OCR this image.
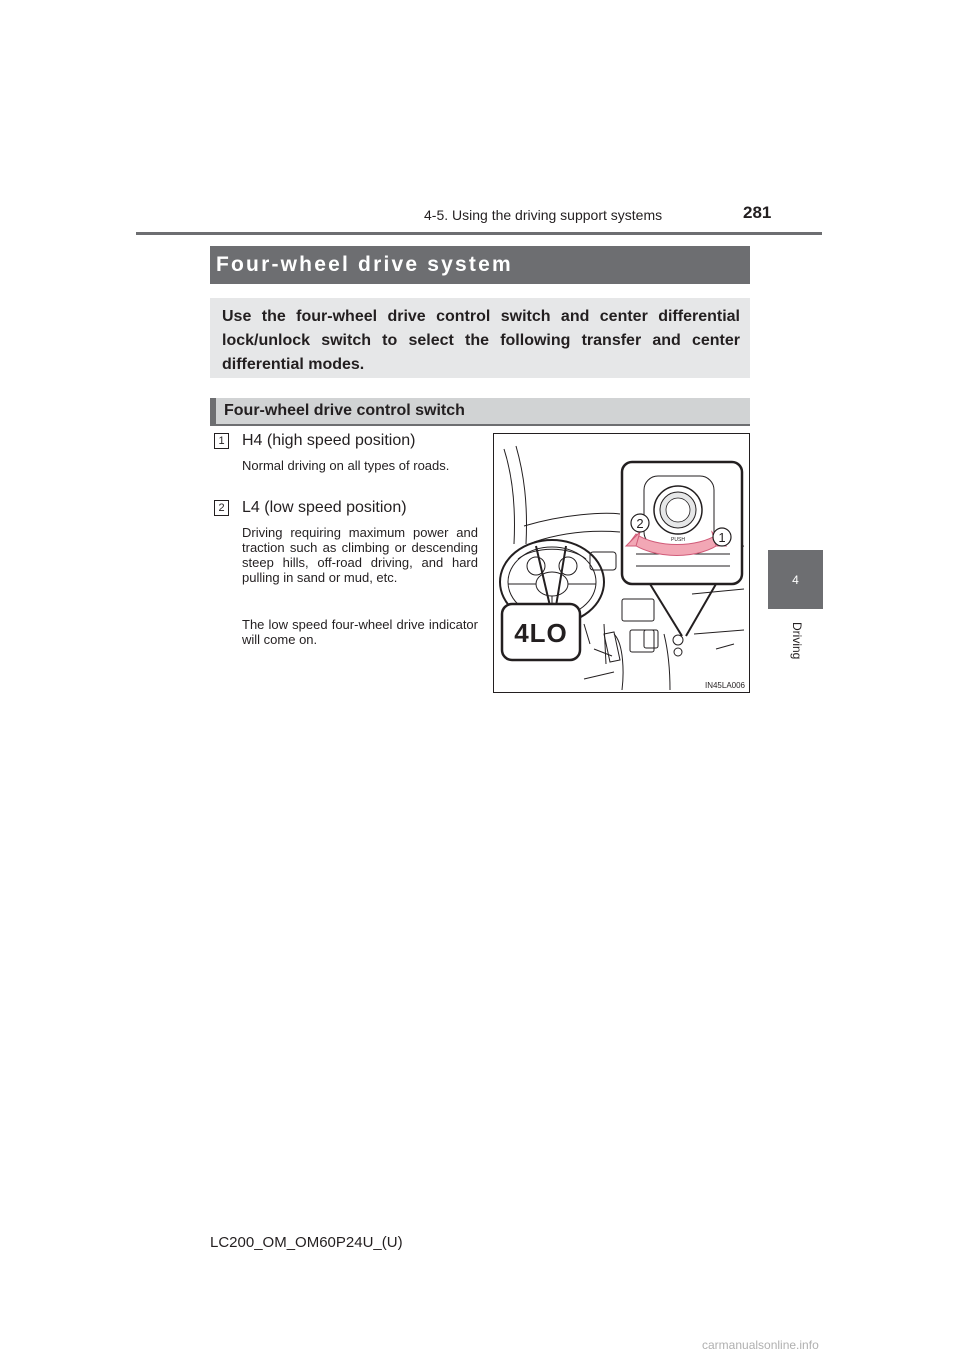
4-5. Using the driving support systems	281
4
Driving
Four-wheel drive system
Use the four-wheel drive control switch and center differential lock/unlock switch to select the following transfer and center differential modes.
Four-wheel drive control switch
1 H4 (high speed position)
Normal driving on all types of roads.
2 L4 (low speed position)
Driving requiring maximum power and traction such as climbing or descending steep hills, off-road driving, and hard pulling in sand or mud, etc.
The low speed four-wheel drive indicator will come on.
PUSH
2
1
4LO
IN45LA006
LC200_OM_OM60P24U_(U)
carmanualsonline.info
